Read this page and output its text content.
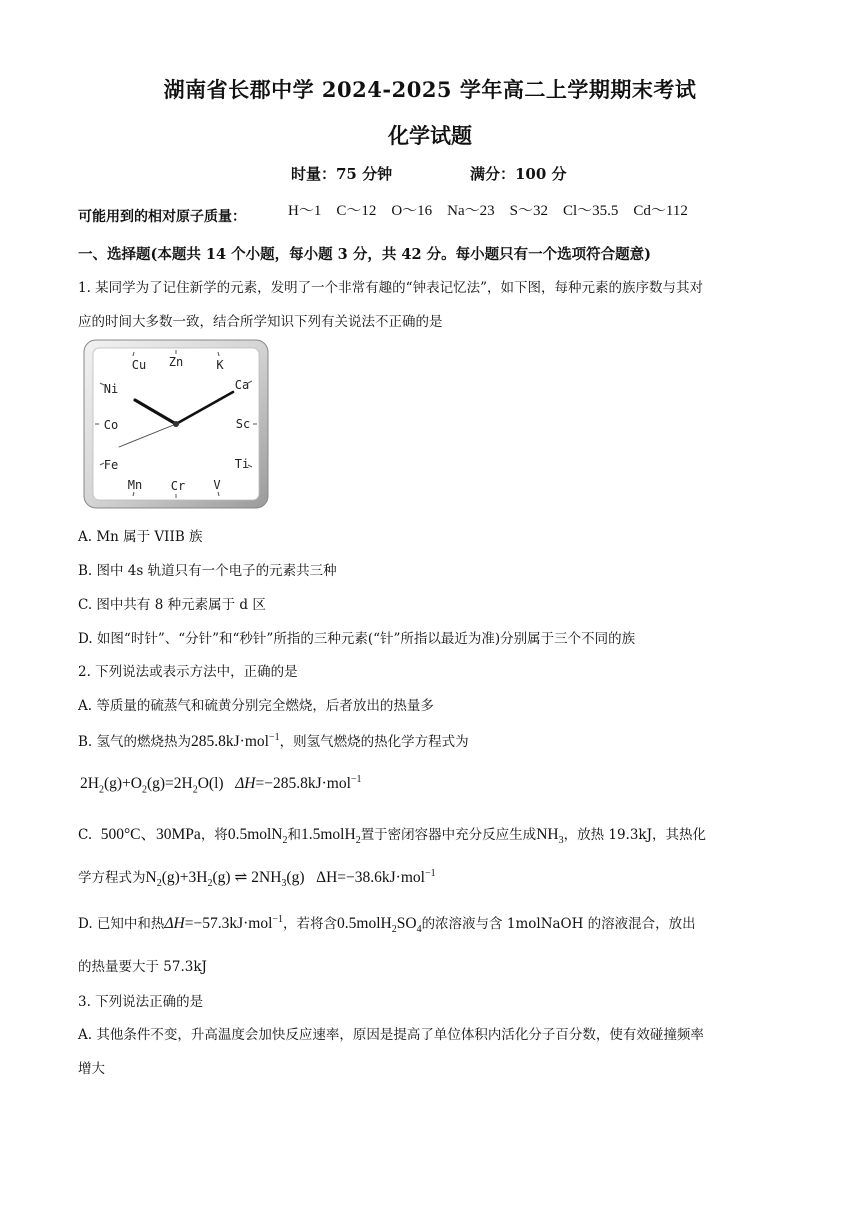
湖南省长郡中学 2024-2025 学年高二上学期期末考试
化学试题
时量：75 分钟	满分：100 分
可能用到的相对原子质量：	H～1　C～12　O～16　Na～23　S～32　Cl～35.5　Cd～112
一、选择题(本题共 14 个小题，每小题 3 分，共 42 分。每小题只有一个选项符合题意)
1. 某同学为了记住新学的元素，发明了一个非常有趣的“钟表记忆法”，如下图，每种元素的族序数与其对
应的时间大多数一致，结合所学知识下列有关说法不正确的是
Zn	K
Ca
Sc
Ti
V
Cr
Mn
Fe
Co
Ni
Cu
A. Mn 属于 VIIB 族
B. 图中 4s 轨道只有一个电子的元素共三种
C. 图中共有 8 种元素属于 d 区
D. 如图“时针”、“分针”和“秒针”所指的三种元素(“针”所指以最近为准)分别属于三个不同的族
2. 下列说法或表示方法中，正确的是
A. 等质量的硫蒸气和硫黄分别完全燃烧，后者放出的热量多
B. 氢气的燃烧热为285.8kJ·mol$^{-1}$，则氢气燃烧的热化学方程式为
$2H_2(g)+O_2(g)=2H_2O(l)$   ΔH=−285.8kJ·mol$^{-1}$
C. 500°C、30MPa，将0.5molN$_2$和1.5molH$_2$置于密闭容器中充分反应生成$NH_3$，放热 19.3kJ，其热化
学方程式为$N_2(g)+3H_2(g)$ ⇌ $2NH_3(g)$   ΔH=−38.6kJ·mol$^{-1}$
D. 已知中和热ΔH=−57.3kJ·mol$^{-1}$，若将含$0.5molH_2SO_4$的浓溶液与含 1molNaOH 的溶液混合，放出
的热量要大于 57.3kJ
3. 下列说法正确的是
A. 其他条件不变，升高温度会加快反应速率，原因是提高了单位体积内活化分子百分数，使有效碰撞频率
增大
